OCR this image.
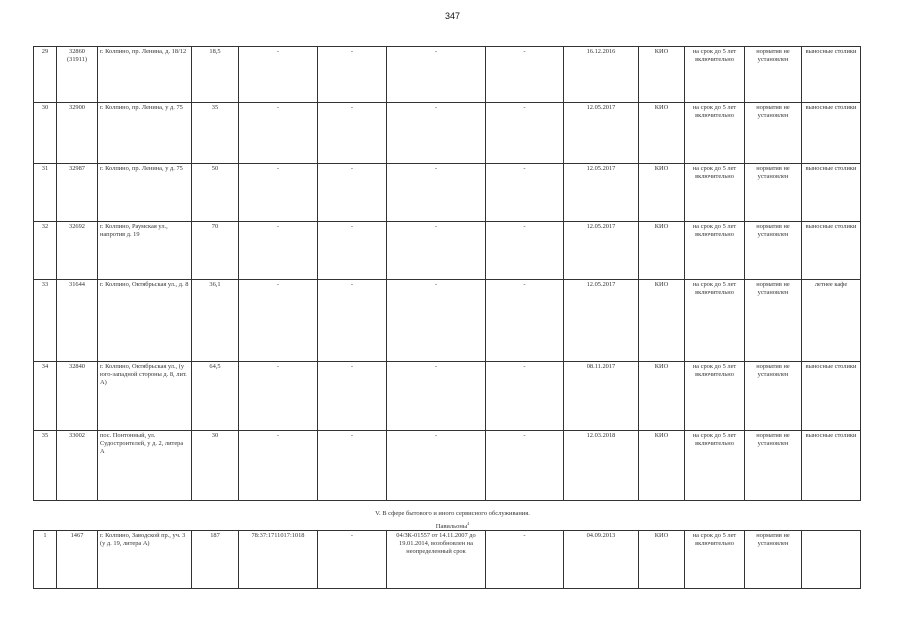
347
29	32860 (31911)	г. Колпино, пр. Ленина, д. 18/12	18,5	-	-	-	-	16.12.2016	КИО	на срок до 5 лет включительно	норматив не установлен	выносные столики
30	32900	г. Колпино, пр. Ленина, у д. 75	35	-	-	-	-	12.05.2017	КИО	на срок до 5 лет включительно	норматив не установлен	выносные столики
31	32987	г. Колпино, пр. Ленина, у д. 75	50	-	-	-	-	12.05.2017	КИО	на срок до 5 лет включительно	норматив не установлен	выносные столики
32	32692	г. Колпино, Раумская ул., напротив д. 19	70	-	-	-	-	12.05.2017	КИО	на срок до 5 лет включительно	норматив не установлен	выносные столики
33	31644	г. Колпино, Октябрьская ул., д. 8	36,1	-	-	-	-	12.05.2017	КИО	на срок до 5 лет включительно	норматив не установлен	летнее кафе
34	32840	г. Колпино, Октябрьская ул., (у юго-западной стороны д. 8, лит. А)	64,5	-	-	-	-	08.11.2017	КИО	на срок до 5 лет включительно	норматив не установлен	выносные столики
35	33002	пос. Понтонный, ул. Судостроителей, у д. 2, литера А	30	-	-	-	-	12.03.2018	КИО	на срок до 5 лет включительно	норматив не установлен	выносные столики
V. В сфере бытового и иного сервисного обслуживания.
Павильоны$^4$
1	1467	г. Колпино, Заводской пр., уч. 3 (у д. 19, литера А)	187	78:37:1711017:1018	-	04/ЗК-01557 от 14.11.2007 до 19.01.2014, возобновлен на неопределенный срок	-	04.09.2013	КИО	на срок до 5 лет включительно	норматив не установлен	
